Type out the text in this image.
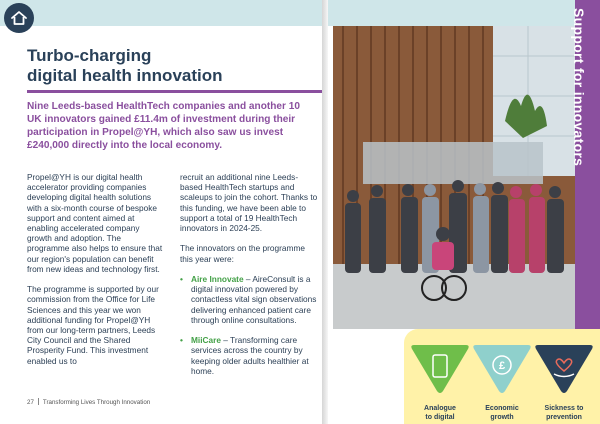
Turbo-charging
digital health innovation

Nine Leeds-based HealthTech companies and another 10 UK innovators gained £11.4m of investment during their participation in Propel@YH, which also saw us invest £240,000 directly into the local economy.

Propel@YH is our digital health accelerator providing companies developing digital health solutions with a six-month course of bespoke support and content aimed at enabling accelerated company growth and adoption. The programme also helps to ensure that our region's population can benefit from new ideas and technology first.

The programme is supported by our commission from the Office for Life Sciences and this year we won additional funding for Propel@YH from our long-term partners, Leeds City Council and the Shared Prosperity Fund. This investment enabled us to

recruit an additional nine Leeds-based HealthTech startups and scaleups to join the cohort. Thanks to this funding, we have been able to support a total of 19 HealthTech innovators in 2024-25.

The innovators on the programme this year were:

• Aire Innovate – AireConsult is a digital innovation powered by contactless vital sign observations delivering enhanced patient care through online consultations.
• MiiCare – Transforming care services across the country by keeping older adults healthier at home.
27 Transforming Lives Through Innovation
Support for innovators
Analogue
to digital
£
Economic
growth
Sickness to
prevention
